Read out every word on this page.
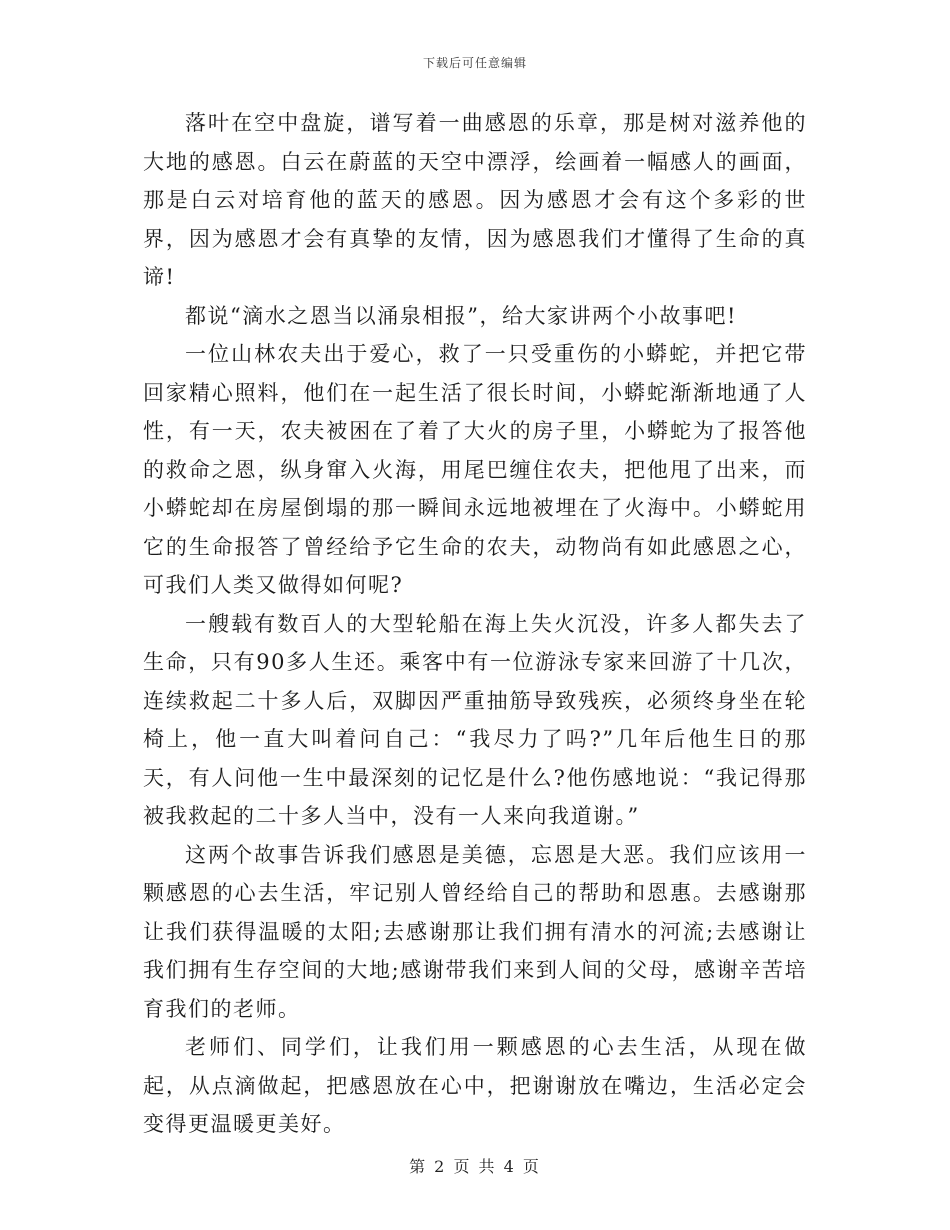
下载后可任意编辑

落叶在空中盘旋，谱写着一曲感恩的乐章，那是树对滋养他的大地的感恩。白云在蔚蓝的天空中漂浮，绘画着一幅感人的画面，那是白云对培育他的蓝天的感恩。因为感恩才会有这个多彩的世界，因为感恩才会有真挚的友情，因为感恩我们才懂得了生命的真谛!

都说“滴水之恩当以涌泉相报”，给大家讲两个小故事吧!

一位山林农夫出于爱心，救了一只受重伤的小蟒蛇，并把它带回家精心照料，他们在一起生活了很长时间，小蟒蛇渐渐地通了人性，有一天，农夫被困在了着了大火的房子里，小蟒蛇为了报答他的救命之恩，纵身窜入火海，用尾巴缠住农夫，把他甩了出来，而小蟒蛇却在房屋倒塌的那一瞬间永远地被埋在了火海中。小蟒蛇用它的生命报答了曾经给予它生命的农夫，动物尚有如此感恩之心，可我们人类又做得如何呢?

一艘载有数百人的大型轮船在海上失火沉没，许多人都失去了生命，只有90多人生还。乘客中有一位游泳专家来回游了十几次，连续救起二十多人后，双脚因严重抽筋导致残疾，必须终身坐在轮椅上，他一直大叫着问自己：“我尽力了吗?”几年后他生日的那天，有人问他一生中最深刻的记忆是什么?他伤感地说：“我记得那被我救起的二十多人当中，没有一人来向我道谢。”

这两个故事告诉我们感恩是美德，忘恩是大恶。我们应该用一颗感恩的心去生活，牢记别人曾经给自己的帮助和恩惠。去感谢那让我们获得温暖的太阳;去感谢那让我们拥有清水的河流;去感谢让我们拥有生存空间的大地;感谢带我们来到人间的父母，感谢辛苦培育我们的老师。

老师们、同学们，让我们用一颗感恩的心去生活，从现在做起，从点滴做起，把感恩放在心中，把谢谢放在嘴边，生活必定会变得更温暖更美好。

第 2 页 共 4 页
